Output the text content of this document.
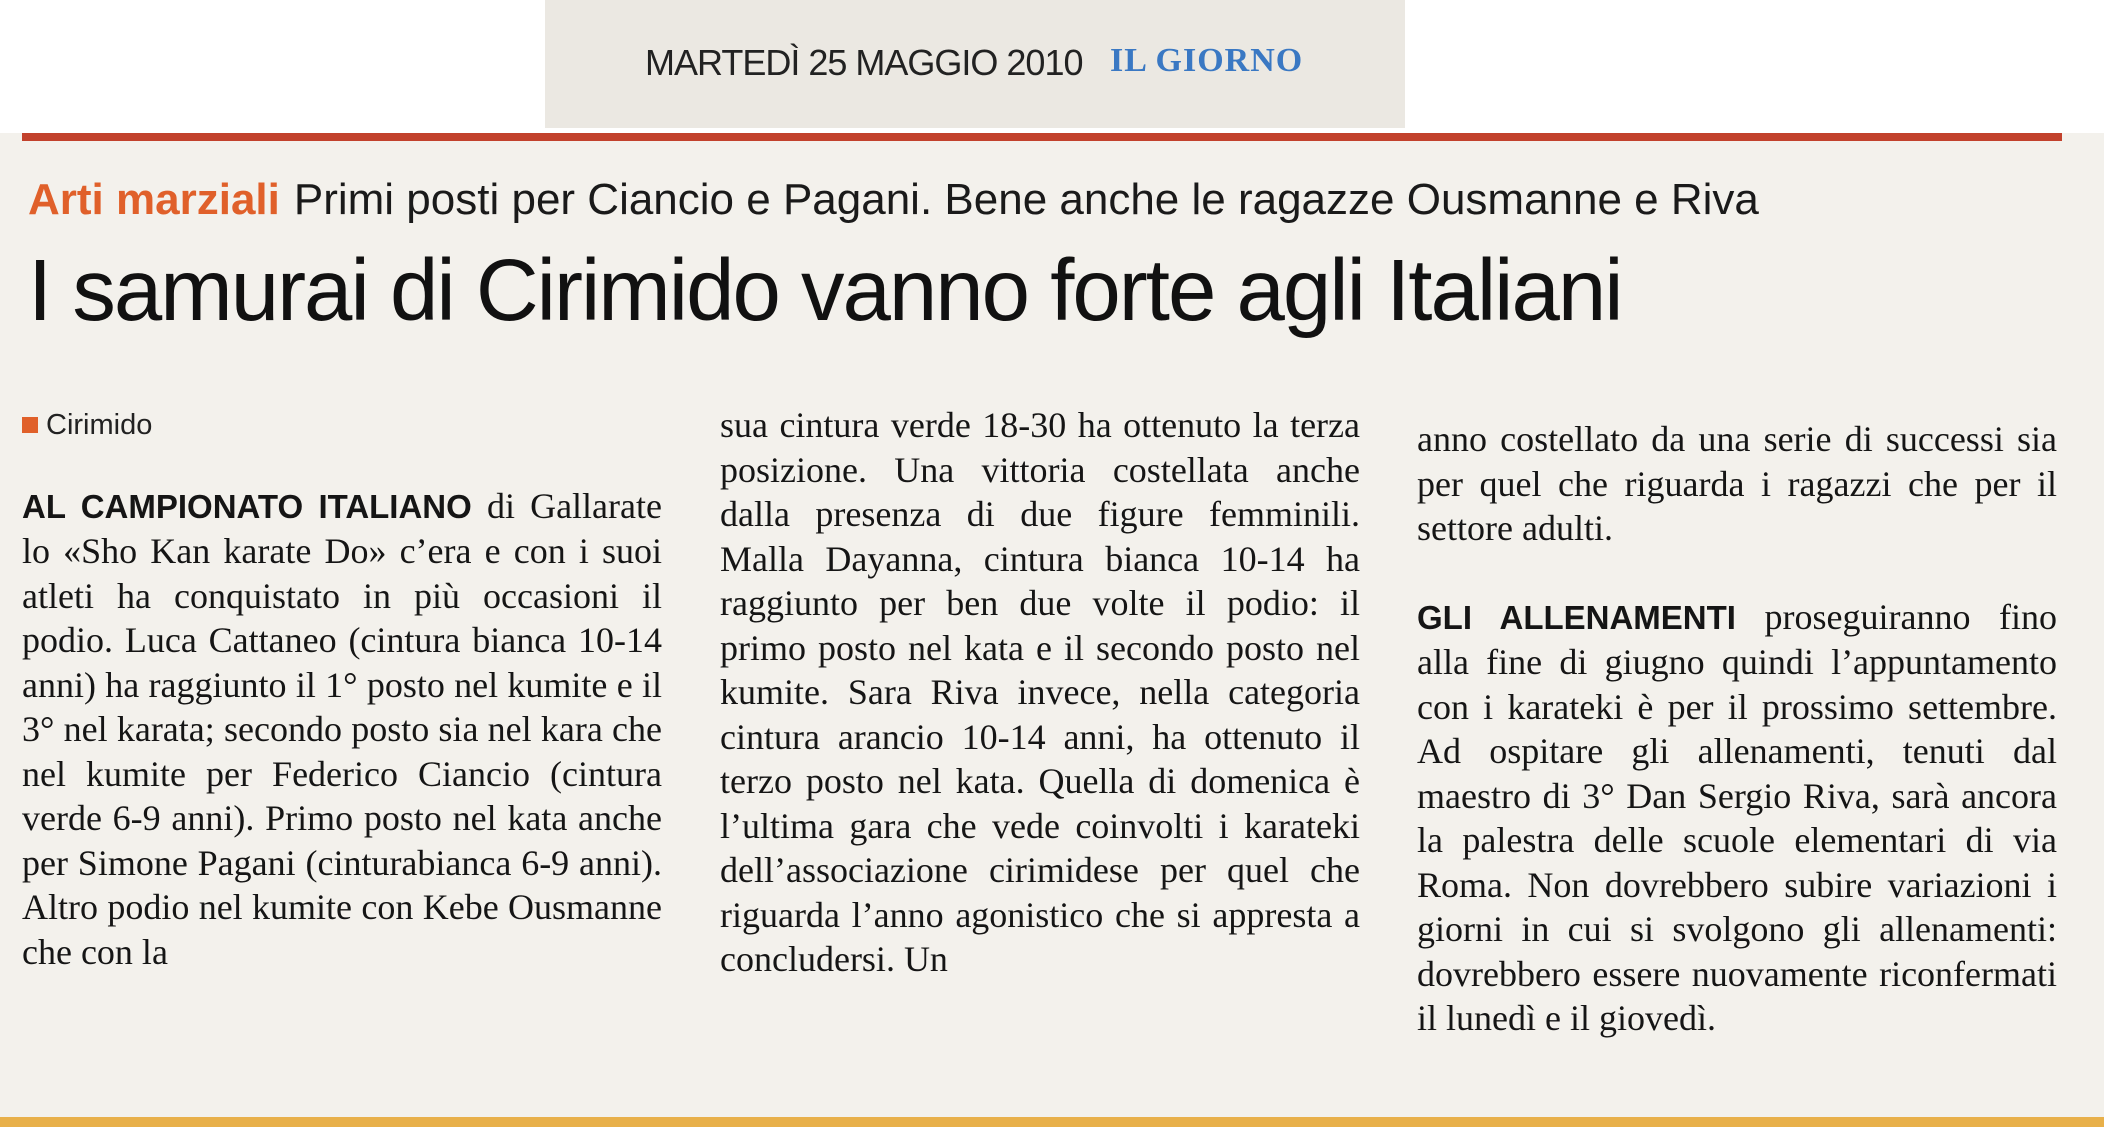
MARTEDÌ 25 MAGGIO 2010 IL GIORNO
Arti marziali Primi posti per Ciancio e Pagani. Bene anche le ragazze Ousmanne e Riva
I samurai di Cirimido vanno forte agli Italiani
Cirimido

AL CAMPIONATO ITALIANO di Gallarate lo «Sho Kan karate Do» c’era e con i suoi atleti ha conquistato in più occasioni il podio. Luca Cattaneo (cintura bianca 10-14 anni) ha raggiunto il 1° posto nel kumite e il 3° nel karata; secondo posto sia nel kara che nel kumite per Federico Ciancio (cintura verde 6-9 anni). Primo posto nel kata anche per Simone Pagani (cinturabianca 6-9 anni). Altro podio nel kumite con Kebe Ousmanne che con la

sua cintura verde 18-30 ha ottenuto la terza posizione. Una vittoria costellata anche dalla presenza di due figure femminili. Malla Dayanna, cintura bianca 10-14 ha raggiunto per ben due volte il podio: il primo posto nel kata e il secondo posto nel kumite. Sara Riva invece, nella categoria cintura arancio 10-14 anni, ha ottenuto il terzo posto nel kata. Quella di domenica è l’ultima gara che vede coinvolti i karateki dell’associazione cirimidese per quel che riguarda l’anno agonistico che si appresta a concludersi. Un

anno costellato da una serie di successi sia per quel che riguarda i ragazzi che per il settore adulti.

GLI ALLENAMENTI proseguiranno fino alla fine di giugno quindi l’appuntamento con i karateki è per il prossimo settembre. Ad ospitare gli allenamenti, tenuti dal maestro di 3° Dan Sergio Riva, sarà ancora la palestra delle scuole elementari di via Roma. Non dovrebbero subire variazioni i giorni in cui si svolgono gli allenamenti: dovrebbero essere nuovamente riconfermati il lunedì e il giovedì.
